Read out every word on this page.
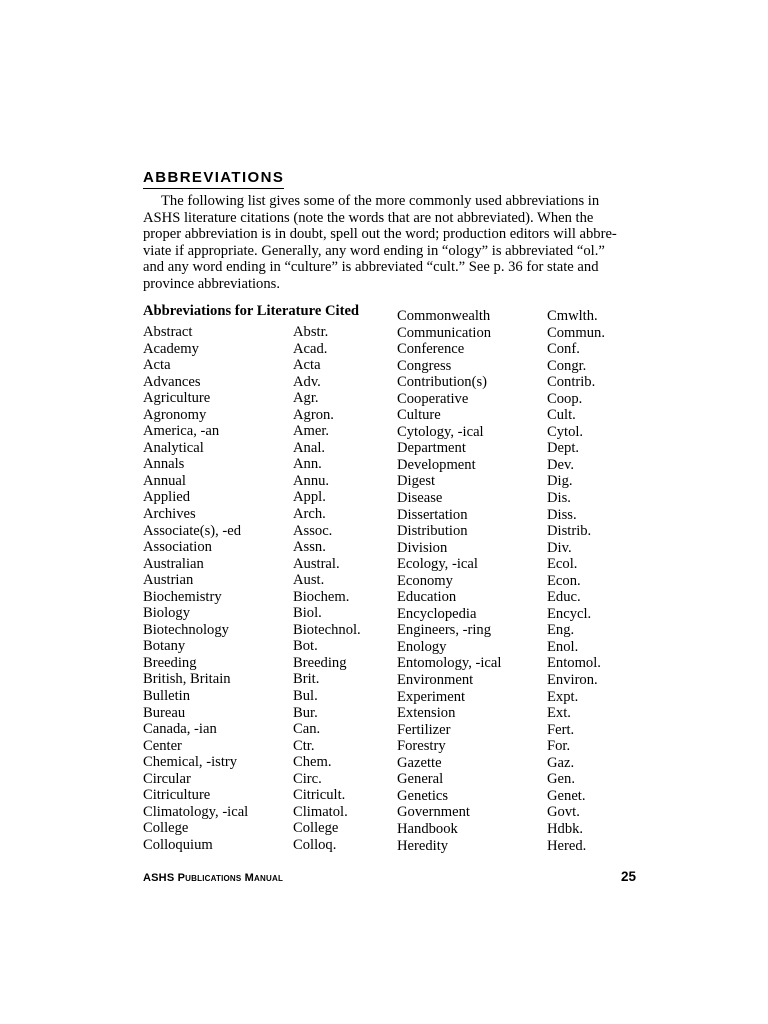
ABBREVIATIONS
The following list gives some of the more commonly used abbreviations in
ASHS literature citations (note the words that are not abbreviated). When the
proper abbreviation is in doubt, spell out the word; production editors will abbre-
viate if appropriate. Generally, any word ending in “ology” is abbreviated “ol.”
and any word ending in “culture” is abbreviated “cult.” See p. 36 for state and
province abbreviations.
Abbreviations for Literature Cited
Abstract
Academy
Acta
Advances
Agriculture
Agronomy
America, -an
Analytical
Annals
Annual
Applied
Archives
Associate(s), -ed
Association
Australian
Austrian
Biochemistry
Biology
Biotechnology
Botany
Breeding
British, Britain
Bulletin
Bureau
Canada, -ian
Center
Chemical, -istry
Circular
Citriculture
Climatology, -ical
College
Colloquium
Abstr.
Acad.
Acta
Adv.
Agr.
Agron.
Amer.
Anal.
Ann.
Annu.
Appl.
Arch.
Assoc.
Assn.
Austral.
Aust.
Biochem.
Biol.
Biotechnol.
Bot.
Breeding
Brit.
Bul.
Bur.
Can.
Ctr.
Chem.
Circ.
Citricult.
Climatol.
College
Colloq.
Commonwealth
Communication
Conference
Congress
Contribution(s)
Cooperative
Culture
Cytology, -ical
Department
Development
Digest
Disease
Dissertation
Distribution
Division
Ecology, -ical
Economy
Education
Encyclopedia
Engineers, -ring
Enology
Entomology, -ical
Environment
Experiment
Extension
Fertilizer
Forestry
Gazette
General
Genetics
Government
Handbook
Heredity
Cmwlth.
Commun.
Conf.
Congr.
Contrib.
Coop.
Cult.
Cytol.
Dept.
Dev.
Dig.
Dis.
Diss.
Distrib.
Div.
Ecol.
Econ.
Educ.
Encycl.
Eng.
Enol.
Entomol.
Environ.
Expt.
Ext.
Fert.
For.
Gaz.
Gen.
Genet.
Govt.
Hdbk.
Hered.
ASHS Publications Manual	25
